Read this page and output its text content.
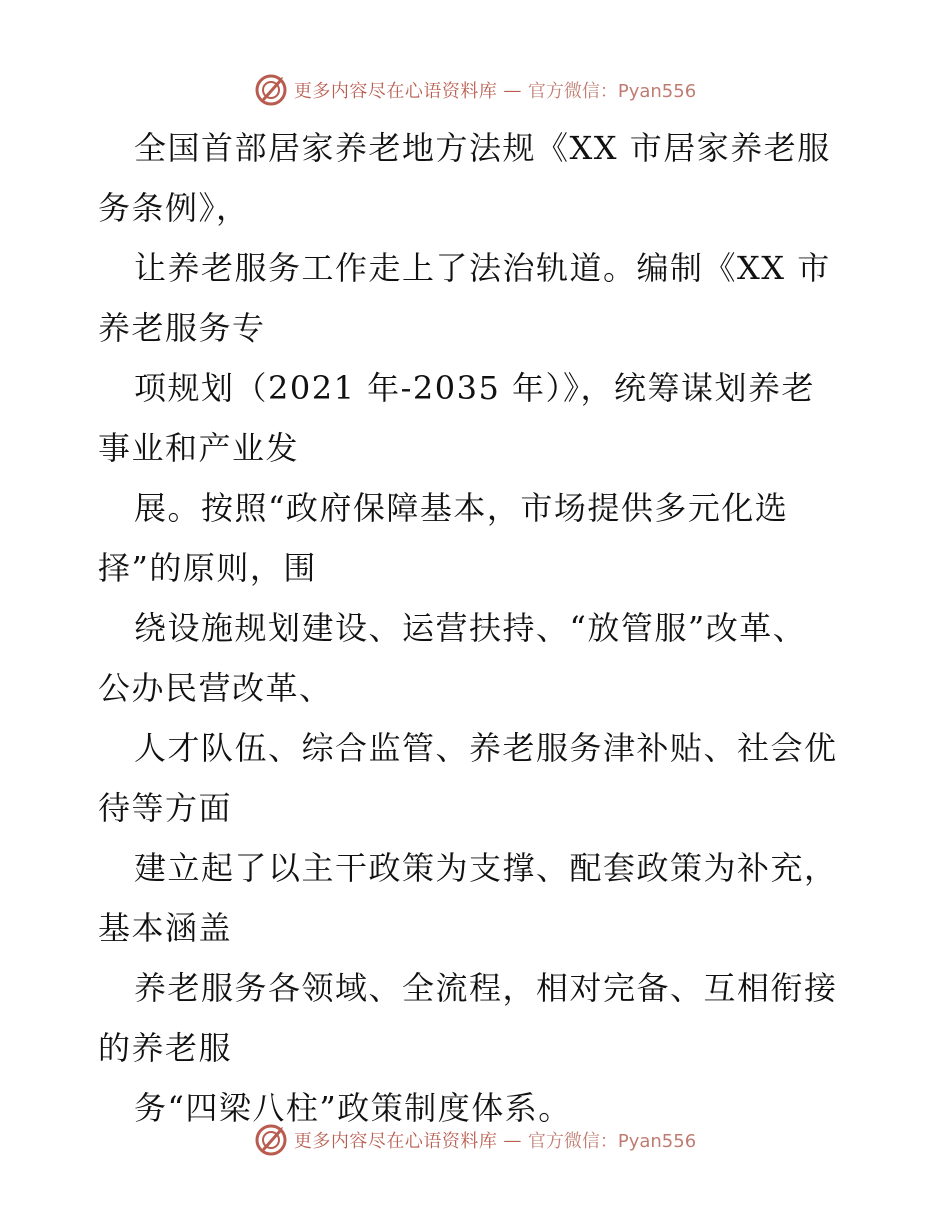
更多内容尽在心语资料库 — 官方微信：Pyan556
全国首部居家养老地方法规《XX 市居家养老服
务条例》，
让养老服务工作走上了法治轨道。编制《XX 市
养老服务专
项规划（2021 年-2035 年）》，统筹谋划养老
事业和产业发
展。按照“政府保障基本，市场提供多元化选
择”的原则，围
绕设施规划建设、运营扶持、“放管服”改革、
公办民营改革、
人才队伍、综合监管、养老服务津补贴、社会优
待等方面
建立起了以主干政策为支撑、配套政策为补充，
基本涵盖
养老服务各领域、全流程，相对完备、互相衔接
的养老服
务“四梁八柱”政策制度体系。
更多内容尽在心语资料库 — 官方微信：Pyan556
